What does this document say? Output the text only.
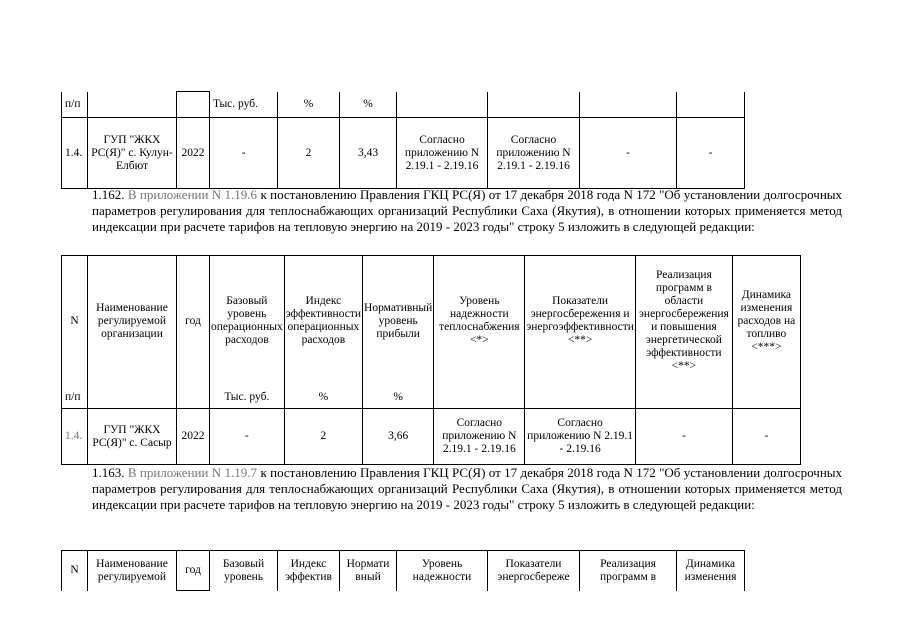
п/п			Тыс. руб.	%	%				
1.4.	ГУП "ЖКХ РС(Я)" с. Кулун-Елбют	2022	-	2	3,43	Согласно приложению N 2.19.1 - 2.19.16	Согласно приложению N 2.19.1 - 2.19.16	-	-
1.162. В приложении N 1.19.6 к постановлению Правления ГКЦ РС(Я) от 17 декабря 2018 года N 172 "Об установлении долгосрочных параметров регулирования для теплоснабжающих организаций Республики Саха (Якутия), в отношении которых применяется метод индексации при расчете тарифов на тепловую энергию на 2019 - 2023 годы" строку 5 изложить в следующей редакции:
N	Наименование регулируемой организации	год	Базовый уровень операционных расходов	Индекс эффективности операционных расходов	Нормативный уровень прибыли	Уровень надежности теплоснабжения <*>	Показатели энергосбережения и энергоэффективности <**>	Реализация программ в области энергосбережения и повышения энергетической эффективности <**>	Динамика изменения расходов на топливо <***>
п/п			Тыс. руб.	%	%				
1.4.	ГУП "ЖКХ РС(Я)" с. Сасыр	2022	-	2	3,66	Согласно приложению N 2.19.1 - 2.19.16	Согласно приложению N 2.19.1 - 2.19.16	-	-
1.163. В приложении N 1.19.7 к постановлению Правления ГКЦ РС(Я) от 17 декабря 2018 года N 172 "Об установлении долгосрочных параметров регулирования для теплоснабжающих организаций Республики Саха (Якутия), в отношении которых применяется метод индексации при расчете тарифов на тепловую энергию на 2019 - 2023 годы" строку 5 изложить в следующей редакции:
N	Наименование регулируемой	год	Базовый уровень	Индекс эффектив	Нормати вный	Уровень надежности	Показатели энергосбереже	Реализация программ в	Динамика изменения
